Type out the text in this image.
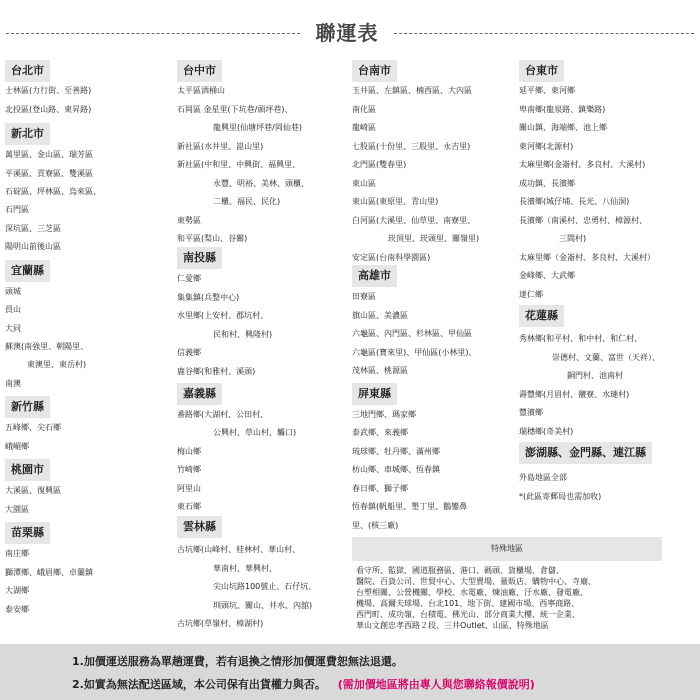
聯運表
台北市
士林區(力行街、至善路)
北投區(登山路、東昇路)
新北市
萬里區、金山區、瑞芳區
平溪區、貢寮區、雙溪區
石碇區、坪林區、烏來區、
石門區
深坑區、三芝區
陽明山前後山區
宜蘭縣
頭城
員山
大同
蘇澳(南強里、朝陽里、
東澳里、東岳村)
南澳
新竹縣
五峰鄉、尖石鄉
峨嵋鄉
桃園市
大溪區、復興區
大園區
苗栗縣
南庄鄉
獅潭鄉、峨眉鄉、卓蘭鎮
大湖鄉
泰安鄉
台中市
太平區酒桶山
石岡區 金星里(下坑巷/頭坪巷)、
龍興里(仙塘坪巷/岡仙巷)
新社區(水井里、崑山里)
新社區(中和里、中興街、福興里、
永豐、明裕、美林、頭櫃、
二櫃、福民、民化)
東勢區
和平區(梨山、谷關)
南投縣
仁愛鄉
集集鎮(兵整中心)
水里鄉(上安村、郡坑村、
民和村、興隆村)
信義鄉
鹿谷鄉(和雅村、溪頭)
嘉義縣
番路鄉(大湖村、公田村、
公興村、草山村、觸口)
梅山鄉
竹崎鄉
阿里山
東石鄉
雲林縣
古坑鄉(山峰村、桂林村、華山村、
華南村、華興村、
尖山坑路100號止、石仔坑、
圳頭坑、關山、井水、內舘)
古坑鄉(草嶺村、樟湖村)
台南市
玉井區、左鎮區、楠西區、大內區
南化區
龍崎區
七股區(十份里、三股里、永吉里)
北門區(雙春里)
東山區
東山區(東原里、青山里)
白河區(大溪里、仙草里、南寮里、
崁頂里、崁頭里、關嶺里)
安定區(台南科學園區)
高雄市
田寮區
旗山區、美濃區
六龜區、內門區、杉林區、甲仙區
六龜區(寶來里)、甲仙區(小林里)、
茂林區、桃源區
屏東縣
三地門鄉、瑪家鄉
泰武鄉、來義鄉
琉球鄉、牡丹鄉、滿州鄉
枋山鄉、車城鄉、恆春鎮
春日鄉、獅子鄉
恆春鎮(帆船里、墾丁里、鵝鑾鼻
里、(核三廠)
台東市
延平鄉、東河鄉
卑南鄉(龍泉路、鎮樂路)
關山鎮、海端鄉、池上鄉
東河鄉(北源村)
太麻里鄉(金崙村、多良村、大溪村)
成功鎮、長濱鄉
長濱鄉(城仔埔、長光、八仙洞)
長濱鄉（南溪村、忠勇村、樟源村、
三間村)
太麻里鄉（金崙村、多良村、大溪村）
金峰鄉、大武鄉
達仁鄉
花蓮縣
秀林鄉(和平村、和中村、和仁村、
崇德村、文蘭、富世（天祥）、
銅門村、池南村
壽豐鄉(月眉村、鹽寮、水璉村)
豐濱鄉
瑞穗鄉(奇美村)
澎湖縣、金門縣、連江縣
外島地區全部
*(此區寄郵局也需加收)
特殊地區
看守所、監獄、國道服務區、港口、碼頭、貨櫃場、倉儲、
醫院、百貨公司、世貿中心、大型賣場、量販店、購物中心、寺廟、
台塑相關、公營機關、學校、水電廠、煉油廠、汙水廠、發電廠、
機場、高爾夫球場、台北101、地下街、建國市場、西寧商路、
西門町、成功嶺、台積電、佛光山、部分商業大樓、統一企業、
華山文創忠孝西路２段、三井Outlet、山區、特殊地區
1.加價運送服務為單趟運費，若有退換之情形加價運費恕無法退還。
2.如實為無法配送區域，本公司保有出貨權力與否。 (需加價地區將由專人與您聯絡報價說明)
